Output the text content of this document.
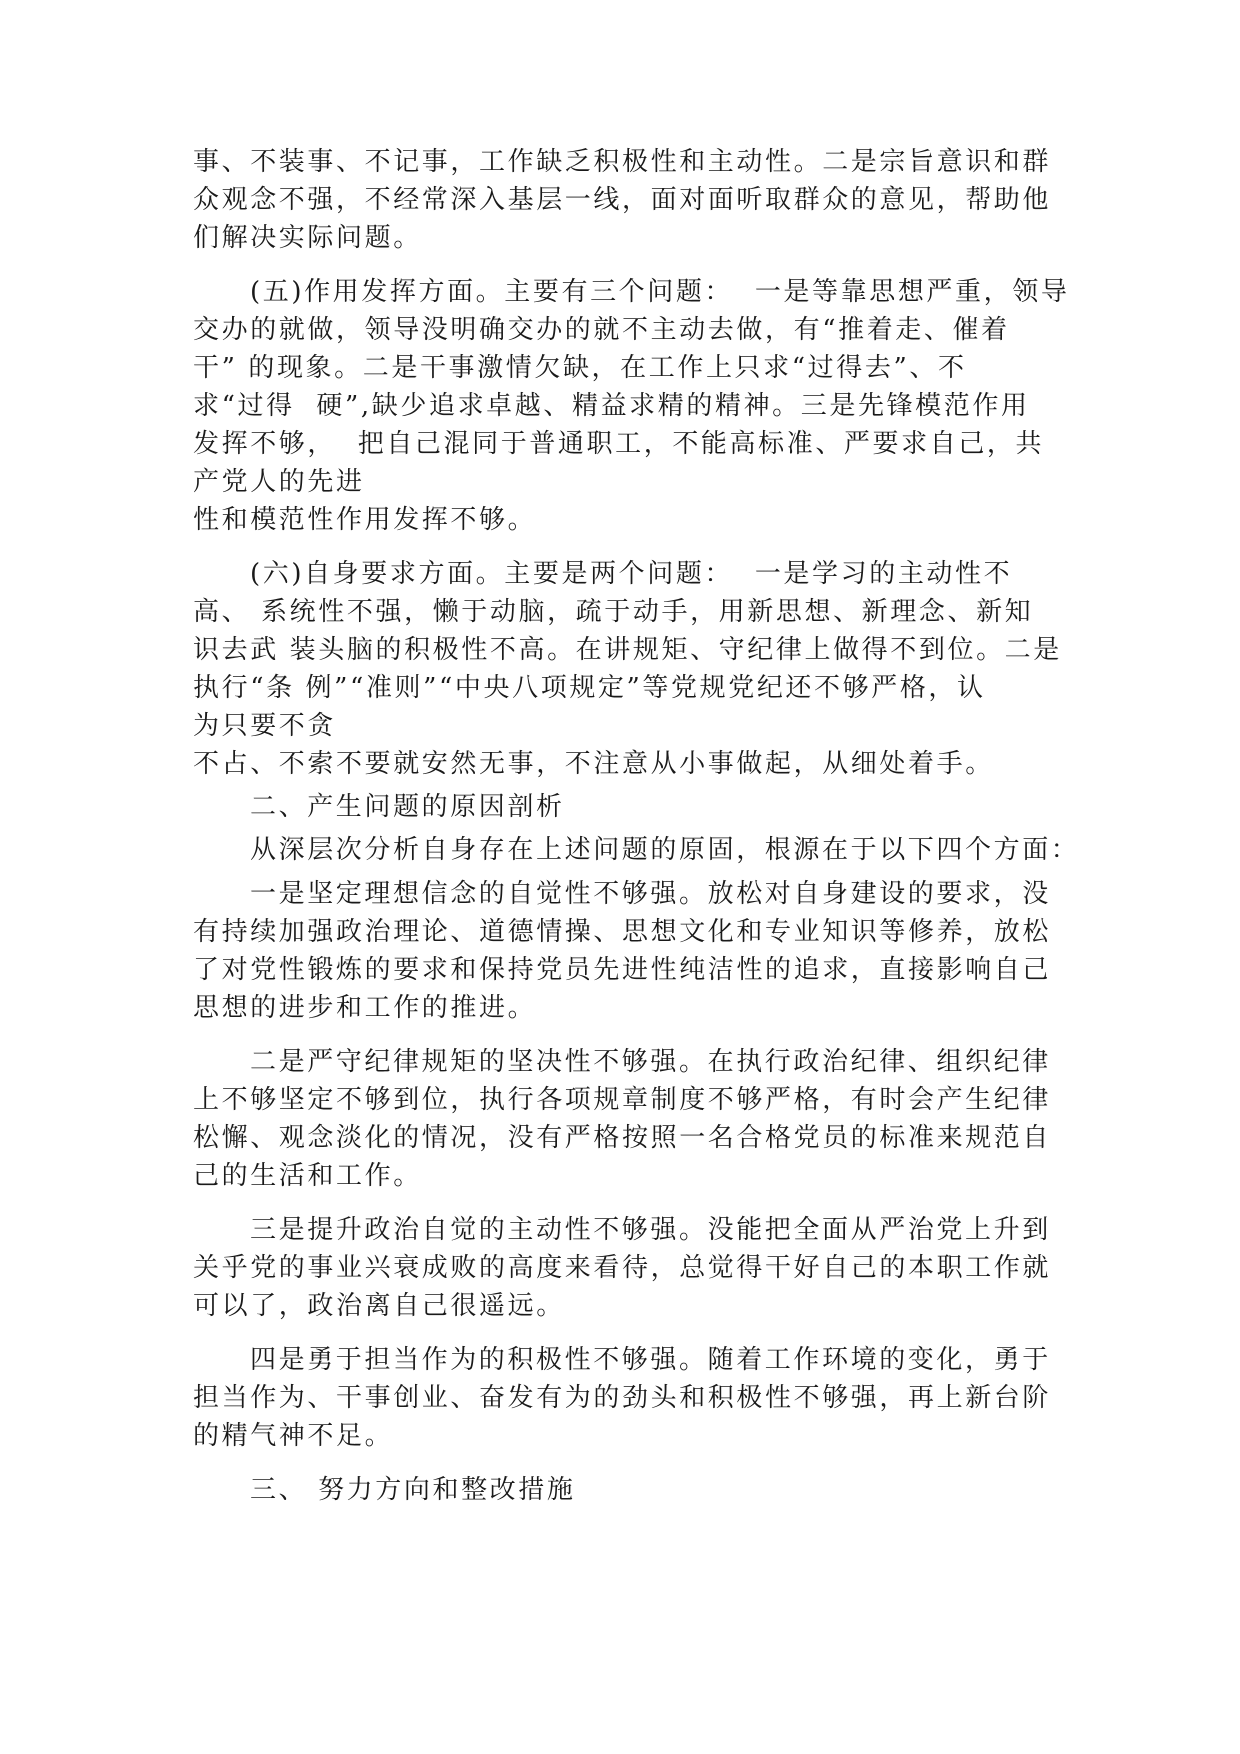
事、不装事、不记事，工作缺乏积极性和主动性。二是宗旨意识和群
众观念不强，不经常深入基层一线，面对面听取群众的意见，帮助他
们解决实际问题。
(五)作用发挥方面。主要有三个问题：  一是等靠思想严重，领导
交办的就做，领导没明确交办的就不主动去做，有“推着走、催着
干” 的现象。二是干事激情欠缺，在工作上只求“过得去”、不
求“过得  硬”,缺少追求卓越、精益求精的精神。三是先锋模范作用
发挥不够，  把自己混同于普通职工，不能高标准、严要求自己，共
产党人的先进
性和模范性作用发挥不够。
(六)自身要求方面。主要是两个问题：  一是学习的主动性不
高、 系统性不强，懒于动脑，疏于动手，用新思想、新理念、新知
识去武 装头脑的积极性不高。在讲规矩、守纪律上做得不到位。二是
执行“条 例”“准则”“中央八项规定”等党规党纪还不够严格，认
为只要不贪
不占、不索不要就安然无事，不注意从小事做起，从细处着手。
二、产生问题的原因剖析
从深层次分析自身存在上述问题的原固，根源在于以下四个方面：
一是坚定理想信念的自觉性不够强。放松对自身建设的要求，没
有持续加强政治理论、道德情操、思想文化和专业知识等修养，放松
了对党性锻炼的要求和保持党员先进性纯洁性的追求，直接影响自己
思想的进步和工作的推进。
二是严守纪律规矩的坚决性不够强。在执行政治纪律、组织纪律
上不够坚定不够到位，执行各项规章制度不够严格，有时会产生纪律
松懈、观念淡化的情况，没有严格按照一名合格党员的标准来规范自
己的生活和工作。
三是提升政治自觉的主动性不够强。没能把全面从严治党上升到
关乎党的事业兴衰成败的高度来看待，总觉得干好自己的本职工作就
可以了，政治离自己很遥远。
四是勇于担当作为的积极性不够强。随着工作环境的变化，勇于
担当作为、干事创业、奋发有为的劲头和积极性不够强，再上新台阶
的精气神不足。
三、 努力方向和整改措施
